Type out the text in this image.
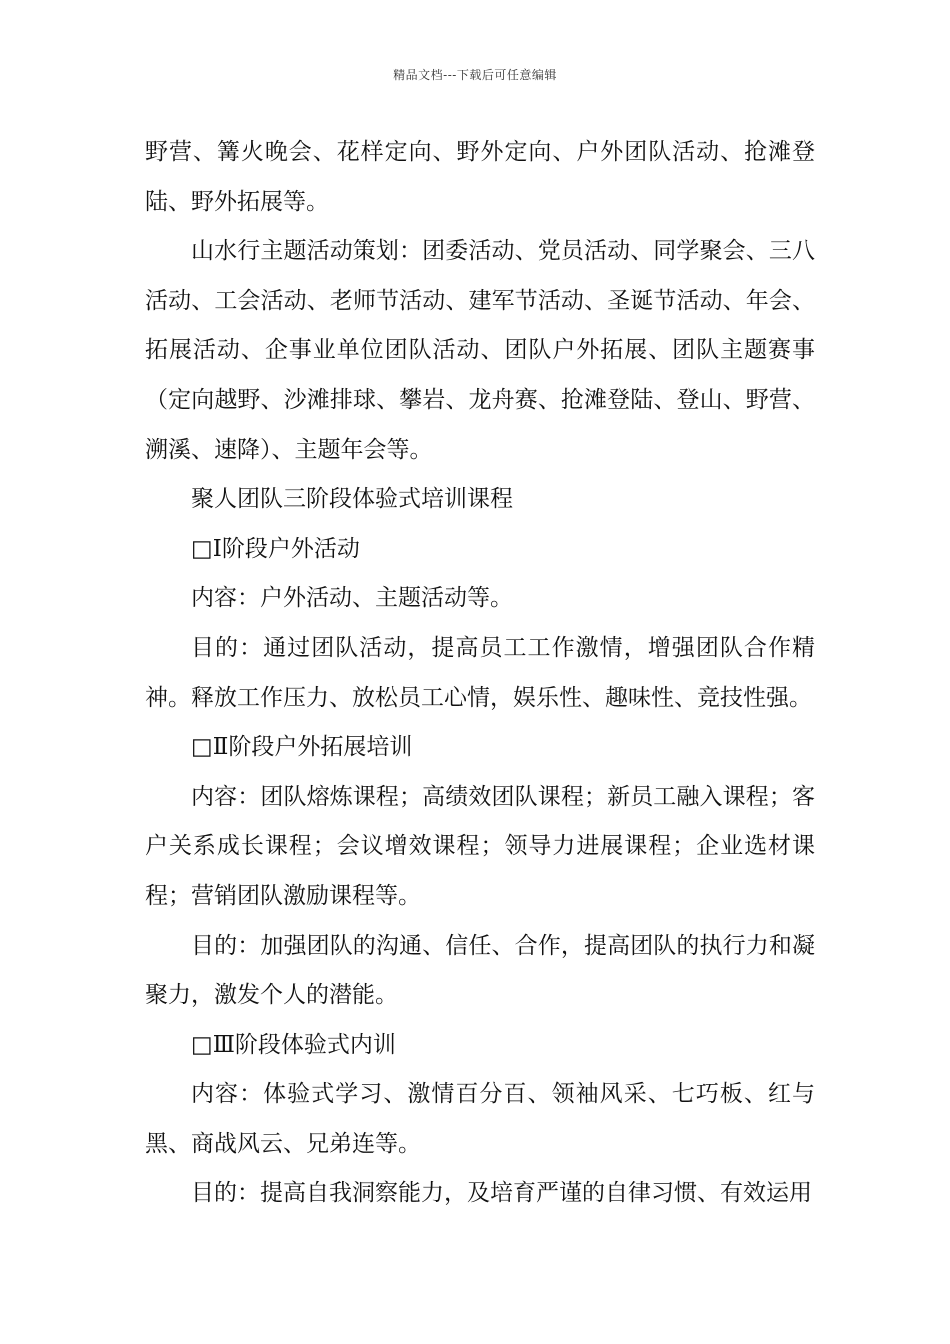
精品文档---下载后可任意编辑

野营、篝火晚会、花样定向、野外定向、户外团队活动、抢滩登陆、野外拓展等。

山水行主题活动策划：团委活动、党员活动、同学聚会、三八活动、工会活动、老师节活动、建军节活动、圣诞节活动、年会、拓展活动、企事业单位团队活动、团队户外拓展、团队主题赛事（定向越野、沙滩排球、攀岩、龙舟赛、抢滩登陆、登山、野营、溯溪、速降）、主题年会等。

聚人团队三阶段体验式培训课程

□Ⅰ阶段户外活动

内容：户外活动、主题活动等。

目的：通过团队活动，提高员工工作激情，增强团队合作精神。释放工作压力、放松员工心情，娱乐性、趣味性、竞技性强。

□Ⅱ阶段户外拓展培训

内容：团队熔炼课程；高绩效团队课程；新员工融入课程；客户关系成长课程；会议增效课程；领导力进展课程；企业选材课程；营销团队激励课程等。

目的：加强团队的沟通、信任、合作，提高团队的执行力和凝聚力，激发个人的潜能。

□Ⅲ阶段体验式内训

内容：体验式学习、激情百分百、领袖风采、七巧板、红与黑、商战风云、兄弟连等。

目的：提高自我洞察能力，及培育严谨的自律习惯、有效运用
